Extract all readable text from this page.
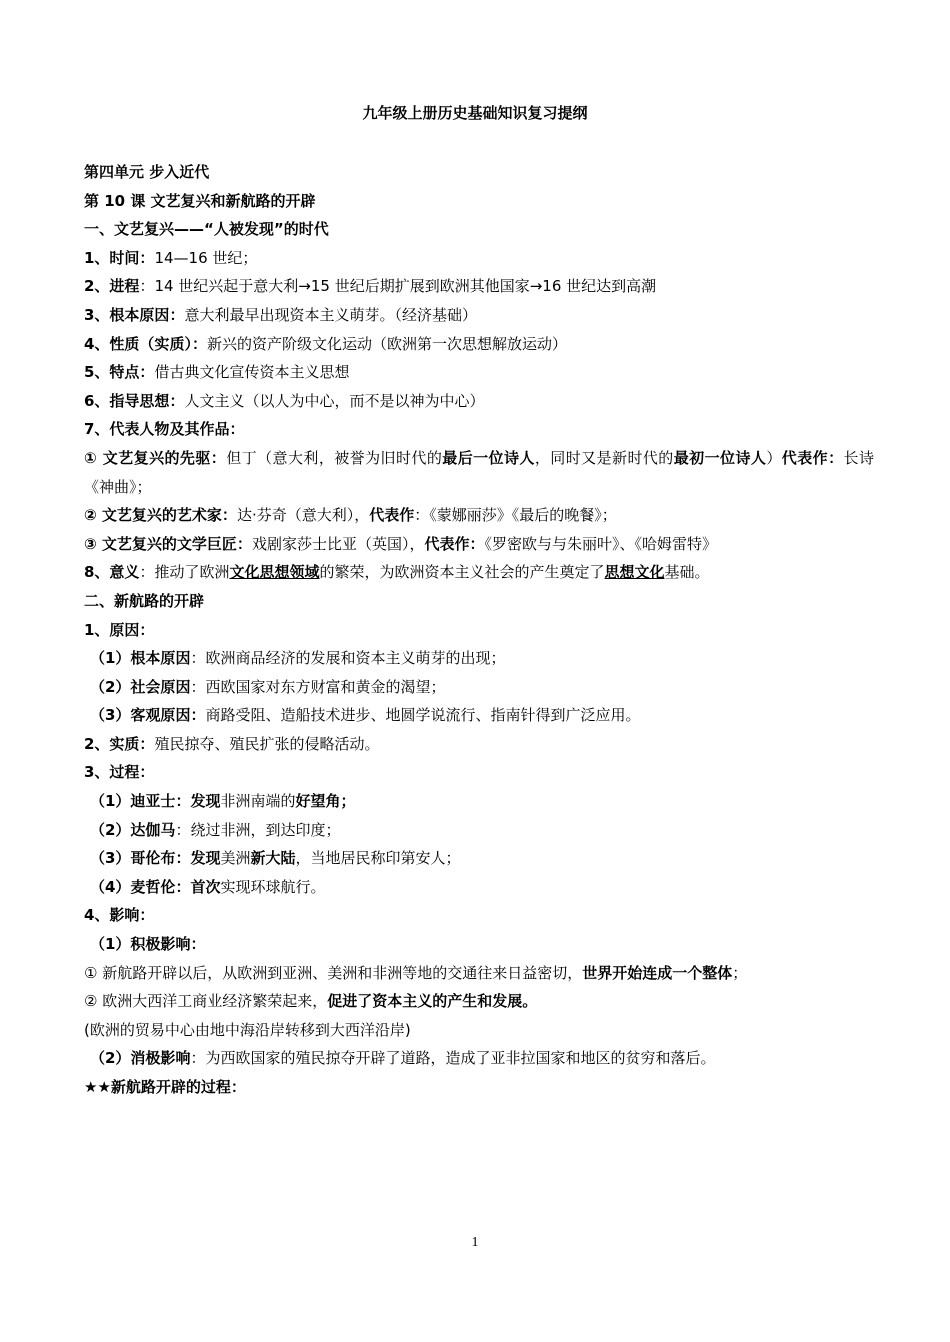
九年级上册历史基础知识复习提纲
第四单元 步入近代
第 10 课 文艺复兴和新航路的开辟
一、文艺复兴——“人被发现”的时代
1、时间：14—16 世纪；
2、进程：14 世纪兴起于意大利→15 世纪后期扩展到欧洲其他国家→16 世纪达到高潮
3、根本原因：意大利最早出现资本主义萌芽。（经济基础）
4、性质（实质）：新兴的资产阶级文化运动（欧洲第一次思想解放运动）
5、特点：借古典文化宣传资本主义思想
6、指导思想：人文主义（以人为中心，而不是以神为中心）
7、代表人物及其作品：
① 文艺复兴的先驱：但丁（意大利，被誉为旧时代的最后一位诗人，同时又是新时代的最初一位诗人）代表作：长诗《神曲》；
② 文艺复兴的艺术家：达·芬奇（意大利），代表作：《蒙娜丽莎》《最后的晚餐》；
③ 文艺复兴的文学巨匠：戏剧家莎士比亚（英国），代表作：《罗密欧与与朱丽叶》、《哈姆雷特》
8、意义：推动了欧洲文化思想领域的繁荣，为欧洲资本主义社会的产生奠定了思想文化基础。
二、新航路的开辟
1、原因：
（1）根本原因：欧洲商品经济的发展和资本主义萌芽的出现；
（2）社会原因：西欧国家对东方财富和黄金的渴望；
（3）客观原因：商路受阻、造船技术进步、地圆学说流行、指南针得到广泛应用。
2、实质：殖民掠夺、殖民扩张的侵略活动。
3、过程：
（1）迪亚士：发现非洲南端的好望角；
（2）达伽马：绕过非洲，到达印度；
（3）哥伦布：发现美洲新大陆，当地居民称印第安人；
（4）麦哲伦：首次实现环球航行。
4、影响：
（1）积极影响：
① 新航路开辟以后，从欧洲到亚洲、美洲和非洲等地的交通往来日益密切，世界开始连成一个整体；
② 欧洲大西洋工商业经济繁荣起来，促进了资本主义的产生和发展。
(欧洲的贸易中心由地中海沿岸转移到大西洋沿岸)
（2）消极影响：为西欧国家的殖民掠夺开辟了道路，造成了亚非拉国家和地区的贫穷和落后。
★★新航路开辟的过程：
1
